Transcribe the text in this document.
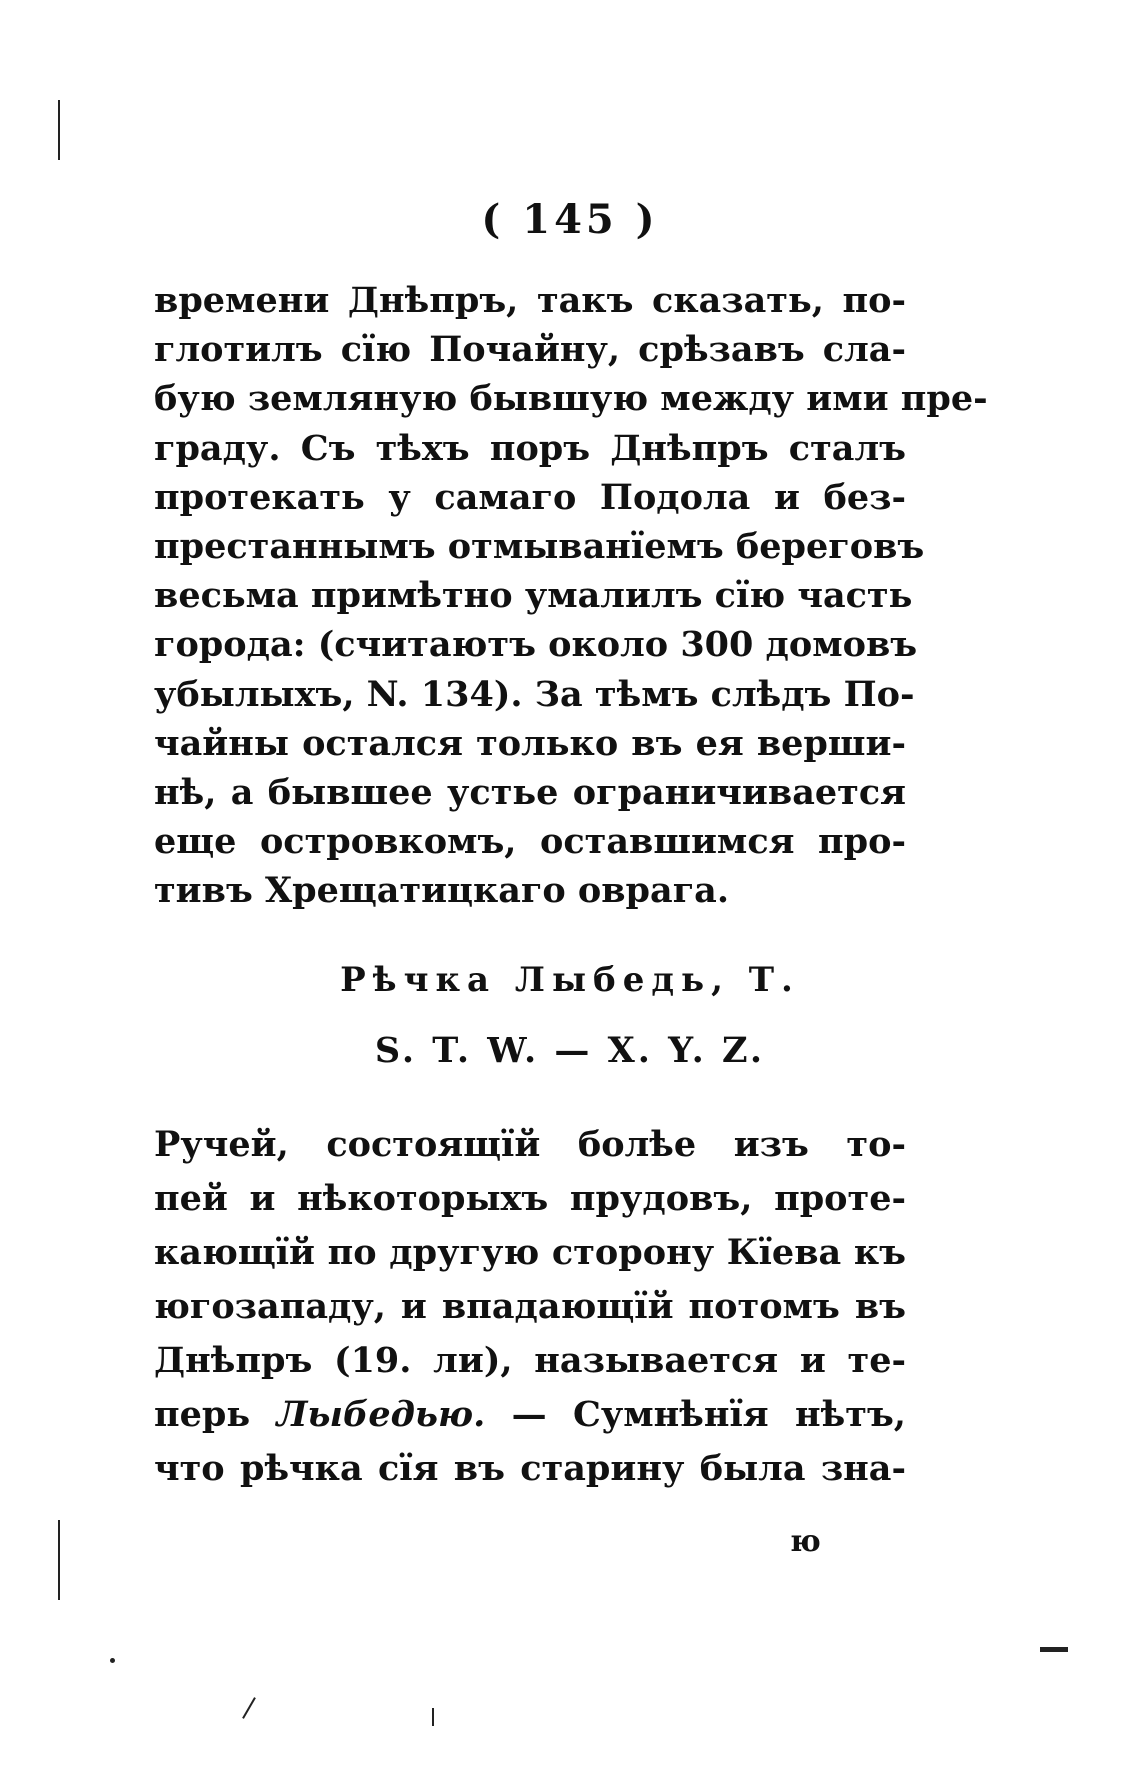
( 145 )
времени Днѣпръ, такъ сказать, по-
глотилъ сїю Почайну, срѣзавъ сла-
бую земляную бывшую между ими пре-
граду. Съ тѣхъ поръ Днѣпръ сталъ
протекать у самаго Подола и без-
престаннымъ отмыванїемъ береговъ
весьма примѣтно умалилъ сїю часть
города: (считаютъ около 300 домовъ
убылыхъ, N. 134). За тѣмъ слѣдъ По-
чайны остался только въ ея верши-
нѣ, а бывшее устье ограничивается
еще островкомъ, оставшимся про-
тивъ Хрещатицкаго оврага.
Рѣчка Лыбедь, Т.
S. T. W. — X. Y. Z.
Ручей, состоящїй болѣе изъ то-
пей и нѣкоторыхъ прудовъ, проте-
кающїй по другую сторону Кїева къ
югозападу, и впадающїй потомъ въ
Днѣпръ (19. ли), называется и те-
перь Лыбедью. — Сумнѣнїя нѣтъ,
что рѣчка сїя въ старину была зна-
ю
